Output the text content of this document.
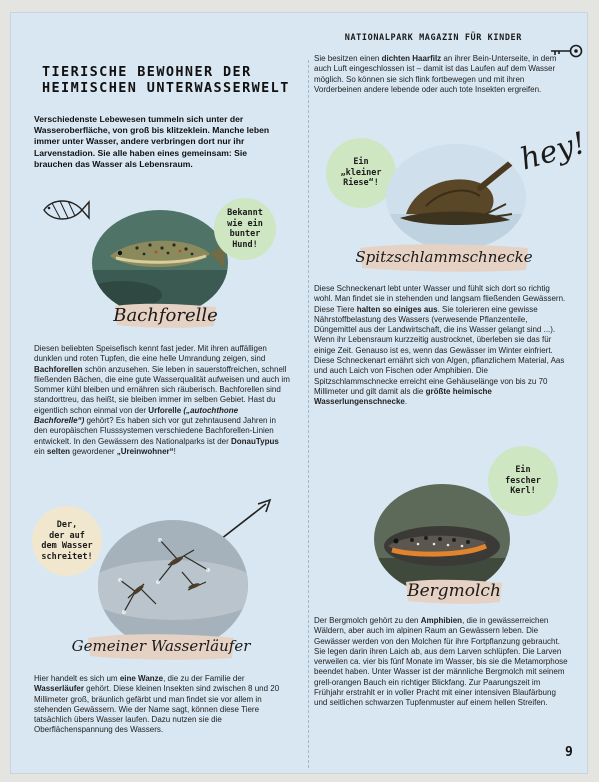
NATIONALPARK MAGAZIN FÜR KINDER
TIERISCHE BEWOHNER DER HEIMISCHEN UNTERWASSERWELT

Verschiedenste Lebewesen tummeln sich unter der Wasseroberfläche, von groß bis klitzeklein. Manche leben immer unter Wasser, andere verbringen dort nur ihr Larvenstadion. Sie alle haben eines gemeinsam: Sie brauchen das Wasser als Lebensraum.

Bekannt
wie ein
bunter
Hund!
Bachforelle

Diesen beliebten Speisefisch kennt fast jeder. Mit ihren auffälligen dunklen und roten Tupfen, die eine helle Umrandung zeigen, sind Bachforellen schön anzusehen. Sie leben in sauerstoffreichen, schnell fließenden Bächen, die eine gute Wasserqualität aufweisen und auch im Sommer kühl bleiben und ernähren sich räuberisch. Bachforellen sind standorttreu, das heißt, sie bleiben immer im selben Gebiet. Hast du eigentlich schon einmal von der Urforelle („autochthone Bachforelle“) gehört? Es haben sich vor gut zehntausend Jahren in den europäischen Flusssystemen verschiedene Bachforellen-Linien entwickelt. In den Gewässern des Nationalparks ist der DonauTypus ein selten gewordener „Ureinwohner“!

Der,
der auf
dem Wasser
schreitet!
Gemeiner Wasserläufer

Hier handelt es sich um eine Wanze, die zu der Familie der Wasserläufer gehört. Diese kleinen Insekten sind zwischen 8 und 20 Millimeter groß, bräunlich gefärbt und man findet sie vor allem in stehenden Gewässern. Wie der Name sagt, können diese Tiere tatsächlich übers Wasser laufen. Dazu nutzen sie die Oberflächenspannung des Wassers.

Sie besitzen einen dichten Haarfilz an ihrer Bein-Unterseite, in dem auch Luft eingeschlossen ist – damit ist das Laufen auf dem Wasser möglich. So können sie sich flink fortbewegen und mit ihren Vorderbeinen andere lebende oder auch tote Insekten ergreifen.

Ein
„kleiner
Riese“!
hey!
Spitzschlammschnecke

Diese Schneckenart lebt unter Wasser und fühlt sich dort so richtig wohl. Man findet sie in stehenden und langsam fließenden Gewässern. Diese Tiere halten so einiges aus. Sie tolerieren eine gewisse Nährstoffbelastung des Wassers (verwesende Pflanzenteile, Düngemittel aus der Landwirtschaft, die ins Wasser gelangt sind ...). Wenn ihr Lebensraum kurzzeitig austrocknet, überleben sie das für einige Zeit. Genauso ist es, wenn das Gewässer im Winter einfriert. Diese Schneckenart ernährt sich von Algen, pflanzlichem Material, Aas und auch Laich von Fischen oder Amphibien. Die Spitzschlammschnecke erreicht eine Gehäuselänge von bis zu 70 Millimeter und gilt damit als die größte heimische Wasserlungenschnecke.

Ein
fescher
Kerl!
Bergmolch

Der Bergmolch gehört zu den Amphibien, die in gewässerreichen Wäldern, aber auch im alpinen Raum an Gewässern leben. Die Gewässer werden von den Molchen für ihre Fortpflanzung gebraucht. Sie legen darin ihren Laich ab, aus dem Larven schlüpfen. Die Larven verweilen ca. vier bis fünf Monate im Wasser, bis sie die Metamorphose beendet haben. Unter Wasser ist der männliche Bergmolch mit seinem grell-orangen Bauch ein richtiger Blickfang. Zur Paarungszeit im Frühjahr erstrahlt er in voller Pracht mit einer intensiven Blaufärbung und seitlichen schwarzen Tupfenmuster auf einem hellen Streifen.

9
